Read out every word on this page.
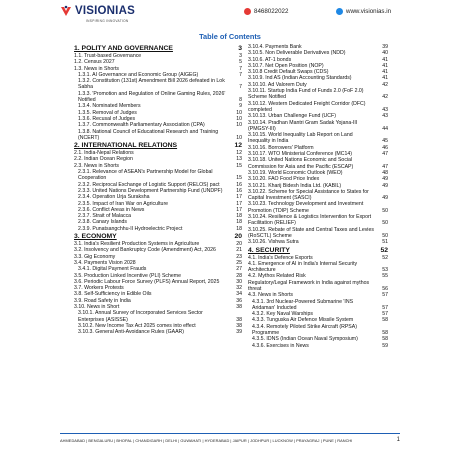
VISIONIAS
INSPIRING INNOVATION
8468022022	www.visionias.in
Table of Contents
1. POLITY AND GOVERNANCE	3
1.1. Trust-based Governance	3
1.2. Census 2027	5
1.3. News in Shorts	7
1.3.1. AI Governance and Economic Group (AIGEG)	7
1.3.2. Constitution (131st) Amendment Bill 2026 defeated in Lok Sabha	7
1.3.3. 'Promotion and Regulation of Online Gaming Rules, 2026' Notified	8
1.3.4. Nominated Members	9
1.3.5. Removal of Judges	10
1.3.6. Recusal of Judges	10
1.3.7. Commonwealth Parliamentary Association (CPA)	10
1.3.8. National Council of Educational Research and Training (NCERT)	10
2. INTERNATIONAL RELATIONS	12
2.1. India-Nepal Relations	12
2.2. Indian Ocean Region	13
2.3. News in Shorts	15
2.3.1. Relevance of ASEAN's Partnership Model for Global Cooperation	15
2.3.2. Reciprocal Exchange of Logistic Support (RELOS) pact	16
2.3.3. United Nations Development Partnership Fund (UNDPF)	16
2.3.4. Operation Urja Suraksha	17
2.3.5. Impact of Iran War on Agriculture	17
2.3.6. Conflict Areas in News	17
2.3.7. Strait of Malacca	18
2.3.8. Canary Islands	18
2.3.9. Punatsangchhu-II Hydroelectric Project	18
3. ECONOMY	20
3.1. India's Resilient Production Systems in Agriculture	20
3.2. Insolvency and Bankruptcy Code (Amendment) Act, 2026	21
3.3. Gig Economy	23
3.4. Payments Vision 2028	25
3.4.1. Digital Payment Frauds	27
3.5. Production Linked Incentive (PLI) Scheme	28
3.6. Periodic Labour Force Survey (PLFS) Annual Report, 2025	30
3.7. Workers Protests	32
3.8. Self-Sufficiency in Edible Oils	34
3.9. Road Safety in India	36
3.10. News in Short	38
3.10.1. Annual Survey of Incorporated Services Sector Enterprises (ASISSE)	38
3.10.2. New Income Tax Act 2025 comes into effect	38
3.10.3. General Anti-Avoidance Rules (GAAR)	39
3.10.4. Payments Bank	39
3.10.5. Non Deliverable Derivatives (NDD)	40
3.10.6. AT-1 bonds	41
3.10.7. Net Open Position (NOP)	41
3.10.8 Credit Default Swaps (CDS)	41
3.10.9. Ind AS (Indian Accounting Standards)	41
3.10.10. Ad Valorem Duty	42
3.10.11. Startup India Fund of Funds 2.0 (FoF 2.0) Scheme Notified	42
3.10.12. Western Dedicated Freight Corridor (DFC) completed	43
3.10.13. Urban Challenge Fund (UCF)	43
3.10.14. Pradhan Mantri Gram Sadak Yojana-III (PMGSY-III)	44
3.10.15. World Inequality Lab Report on Land Inequality in India	45
3.10.16. Borrowers' Platform	46
3.10.17. WTO Ministerial Conference (MC14)	47
3.10.18. United Nations Economic and Social Commission for Asia and the Pacific (ESCAP)	47
3.10.19. World Economic Outlook (WEO)	48
3.10.20. FAO Food Price Index	49
3.10.21. Kharij Bidesh India Ltd. (KABIL)	49
3.10.22. Scheme for Special Assistance to States for Capital Investment (SASCI)	49
3.10.23. Technology Development and Investment Promotion (TDIP) Scheme	50
3.10.24. Resilience & Logistics Intervention for Export Facilitation (RELIEF)	50
3.10.25. Rebate of State and Central Taxes and Levies (RoSCTL) Scheme	50
3.10.26. Vishwa Sutra	51
4. SECURITY	52
4.1. India's Defence Exports	52
4.1. Emergence of AI in India's Internal Security Architecture	53
4.2. Mythos Related Risk	55
Regulatory/Legal Framework in India against mythos threat	56
4.3. News in Shorts	57
4.3.1. 3rd Nuclear-Powered Submarine 'INS Aridaman' Inducted	57
4.3.2. Key Naval Warships	57
4.3.3. Tunguska Air Defence Missile System	58
4.3.4. Remotely Piloted Strike Aircraft (RPSA) Programme	58
4.3.5. IDNS (Indian Ocean Naval Symposium)	58
4.3.6. Exercises in News	59
AHMEDABAD | BENGALURU | BHOPAL | CHANDIGARH | DELHI | GUWAHATI | HYDERABAD | JAIPUR | JODHPUR | LUCKNOW | PRAYAGRAJ | PUNE | RANCHI	1
